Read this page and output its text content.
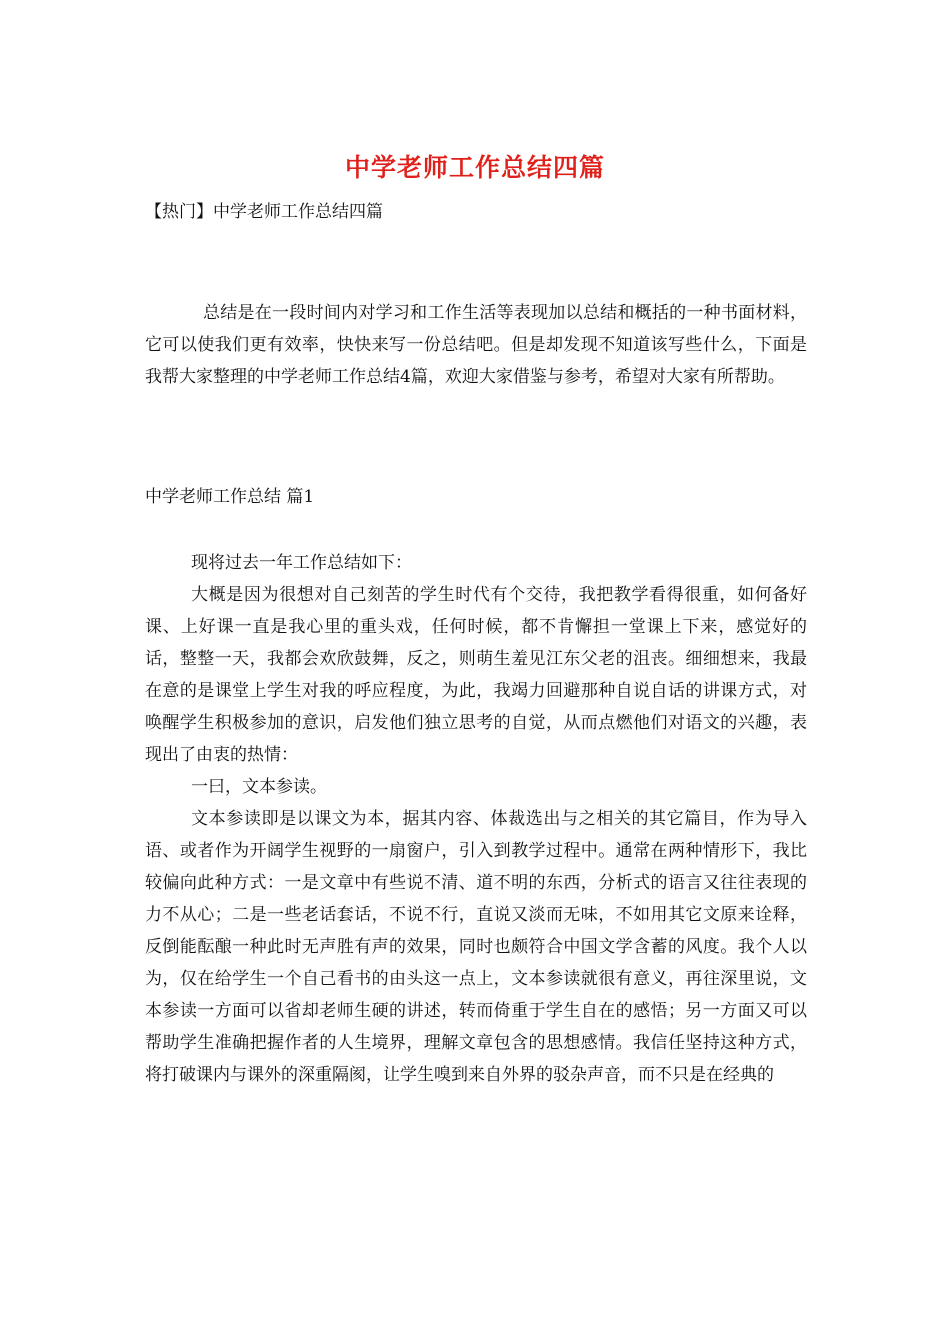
中学老师工作总结四篇
【热门】中学老师工作总结四篇
总结是在一段时间内对学习和工作生活等表现加以总结和概括的一种书面材料，它可以使我们更有效率，快快来写一份总结吧。但是却发现不知道该写些什么，下面是我帮大家整理的中学老师工作总结4篇，欢迎大家借鉴与参考，希望对大家有所帮助。
中学老师工作总结 篇1

现将过去一年工作总结如下：

大概是因为很想对自己刻苦的学生时代有个交待，我把教学看得很重，如何备好课、上好课一直是我心里的重头戏，任何时候，都不肯懈担一堂课上下来，感觉好的话，整整一天，我都会欢欣鼓舞，反之，则萌生羞见江东父老的沮丧。细细想来，我最在意的是课堂上学生对我的呼应程度，为此，我竭力回避那种自说自话的讲课方式，对唤醒学生积极参加的意识，启发他们独立思考的自觉，从而点燃他们对语文的兴趣，表现出了由衷的热情：

一曰，文本参读。

文本参读即是以课文为本，据其内容、体裁选出与之相关的其它篇目，作为导入语、或者作为开阔学生视野的一扇窗户，引入到教学过程中。通常在两种情形下，我比较偏向此种方式：一是文章中有些说不清、道不明的东西，分析式的语言又往往表现的力不从心；二是一些老话套话，不说不行，直说又淡而无味，不如用其它文原来诠释，反倒能酝酿一种此时无声胜有声的效果，同时也颇符合中国文学含蓄的风度。我个人以为，仅在给学生一个自己看书的由头这一点上，文本参读就很有意义，再往深里说，文本参读一方面可以省却老师生硬的讲述，转而倚重于学生自在的感悟；另一方面又可以帮助学生准确把握作者的人生境界，理解文章包含的思想感情。我信任坚持这种方式，将打破课内与课外的深重隔阂，让学生嗅到来自外界的驳杂声音，而不只是在经典的
